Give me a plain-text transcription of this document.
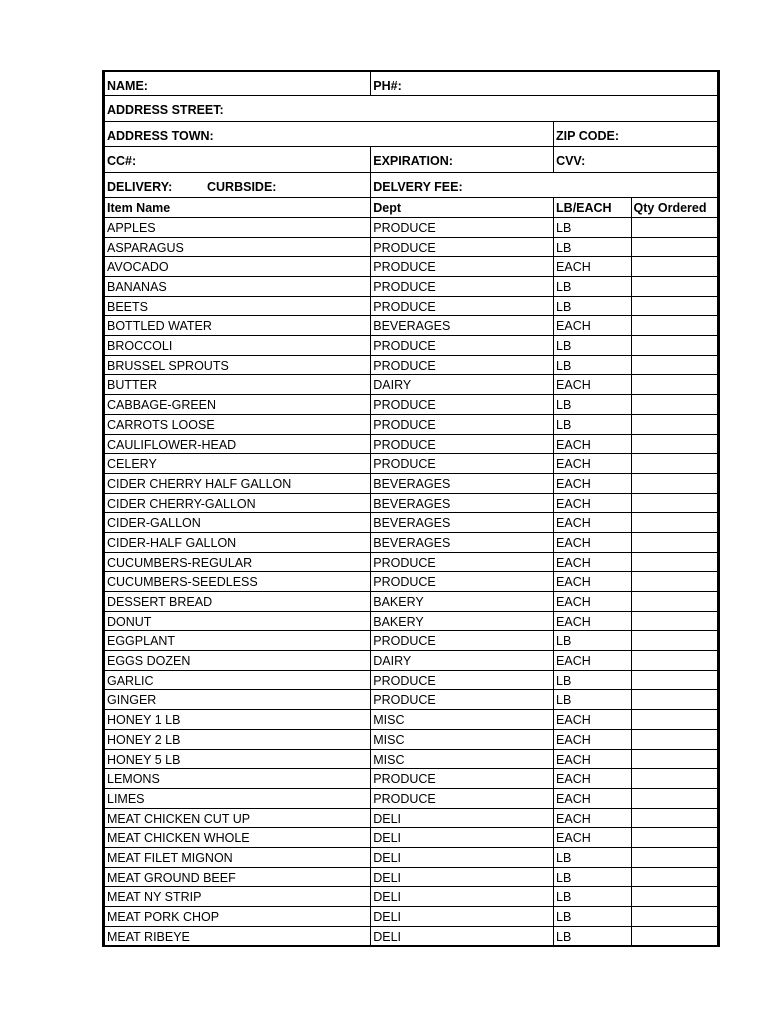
NAME:	PH#:
ADDRESS STREET:
ADDRESS TOWN:	ZIP CODE:
CC#:	EXPIRATION:	CVV:
DELIVERY:	CURBSIDE:	DELVERY FEE:
Item Name	Dept	LB/EACH	Qty Ordered
APPLES	PRODUCE	LB
ASPARAGUS	PRODUCE	LB
AVOCADO	PRODUCE	EACH
BANANAS	PRODUCE	LB
BEETS	PRODUCE	LB
BOTTLED WATER	BEVERAGES	EACH
BROCCOLI	PRODUCE	LB
BRUSSEL SPROUTS	PRODUCE	LB
BUTTER	DAIRY	EACH
CABBAGE-GREEN	PRODUCE	LB
CARROTS LOOSE	PRODUCE	LB
CAULIFLOWER-HEAD	PRODUCE	EACH
CELERY	PRODUCE	EACH
CIDER CHERRY HALF GALLON	BEVERAGES	EACH
CIDER CHERRY-GALLON	BEVERAGES	EACH
CIDER-GALLON	BEVERAGES	EACH
CIDER-HALF GALLON	BEVERAGES	EACH
CUCUMBERS-REGULAR	PRODUCE	EACH
CUCUMBERS-SEEDLESS	PRODUCE	EACH
DESSERT BREAD	BAKERY	EACH
DONUT	BAKERY	EACH
EGGPLANT	PRODUCE	LB
EGGS DOZEN	DAIRY	EACH
GARLIC	PRODUCE	LB
GINGER	PRODUCE	LB
HONEY 1 LB	MISC	EACH
HONEY 2 LB	MISC	EACH
HONEY 5 LB	MISC	EACH
LEMONS	PRODUCE	EACH
LIMES	PRODUCE	EACH
MEAT CHICKEN CUT UP	DELI	EACH
MEAT CHICKEN WHOLE	DELI	EACH
MEAT FILET MIGNON	DELI	LB
MEAT GROUND BEEF	DELI	LB
MEAT NY STRIP	DELI	LB
MEAT PORK CHOP	DELI	LB
MEAT RIBEYE	DELI	LB
